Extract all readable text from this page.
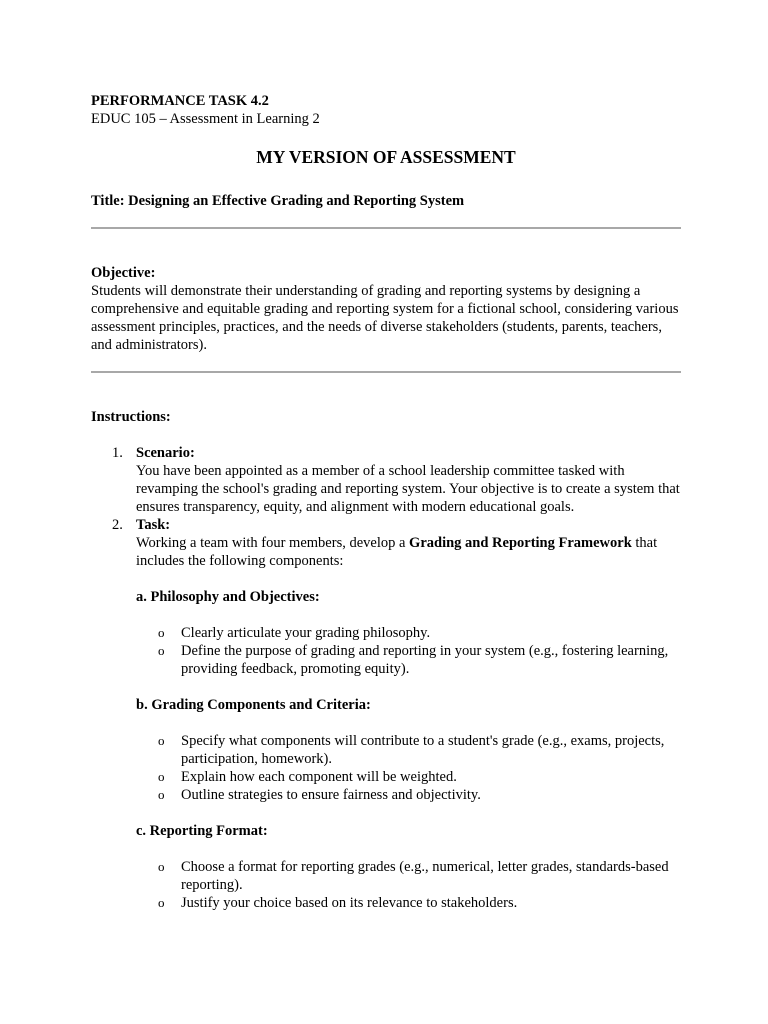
PERFORMANCE TASK 4.2

EDUC 105 – Assessment in Learning 2

MY VERSION OF ASSESSMENT

Title: Designing an Effective Grading and Reporting System

Objective:

Students will demonstrate their understanding of grading and reporting systems by designing a comprehensive and equitable grading and reporting system for a fictional school, considering various assessment principles, practices, and the needs of diverse stakeholders (students, parents, teachers, and administrators).

Instructions:

1. Scenario:

You have been appointed as a member of a school leadership committee tasked with revamping the school's grading and reporting system. Your objective is to create a system that ensures transparency, equity, and alignment with modern educational goals.

2. Task:

Working a team with four members, develop a Grading and Reporting Framework that includes the following components:

a. Philosophy and Objectives:

o Clearly articulate your grading philosophy.
o Define the purpose of grading and reporting in your system (e.g., fostering learning, providing feedback, promoting equity).

b. Grading Components and Criteria:

o Specify what components will contribute to a student's grade (e.g., exams, projects, participation, homework).
o Explain how each component will be weighted.
o Outline strategies to ensure fairness and objectivity.

c. Reporting Format:

o Choose a format for reporting grades (e.g., numerical, letter grades, standards-based reporting).
o Justify your choice based on its relevance to stakeholders.
